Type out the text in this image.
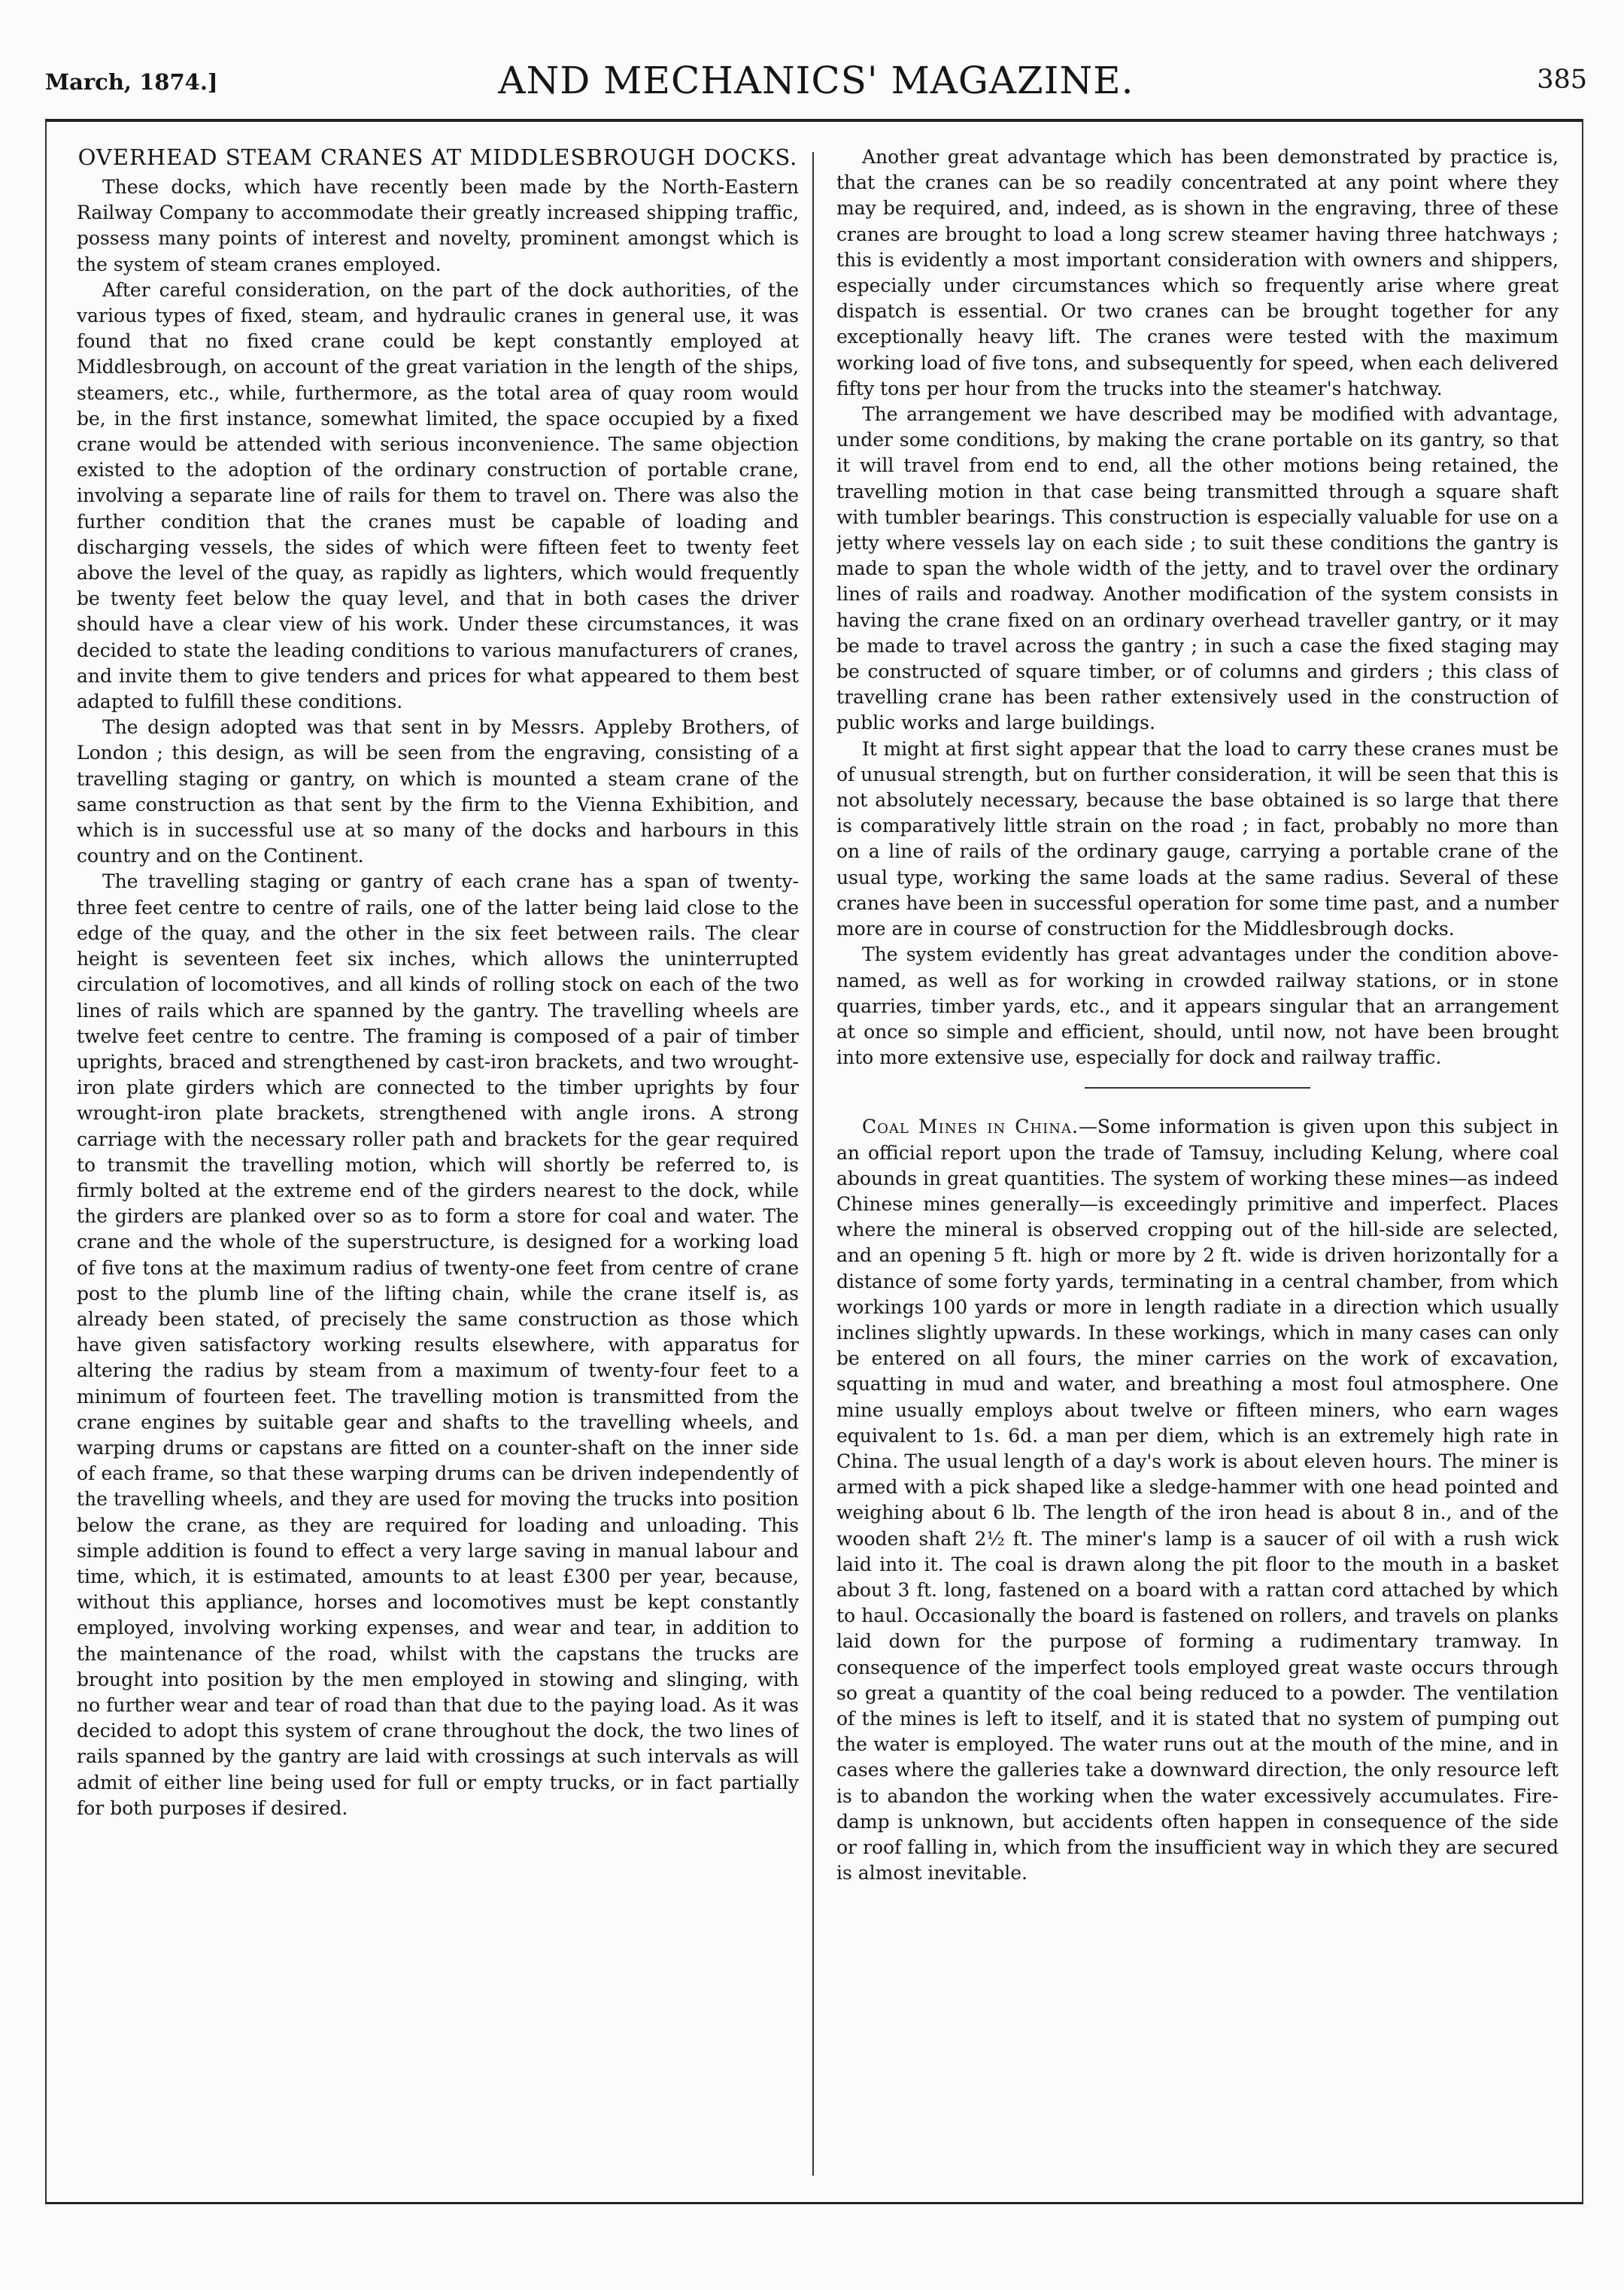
March, 1874.]	AND MECHANICS' MAGAZINE.	385
OVERHEAD STEAM CRANES AT MIDDLESBROUGH DOCKS.

These docks, which have recently been made by the North-Eastern Railway Company to accommodate their greatly increased shipping traffic, possess many points of interest and novelty, prominent amongst which is the system of steam cranes employed.

After careful consideration, on the part of the dock authorities, of the various types of fixed, steam, and hydraulic cranes in general use, it was found that no fixed crane could be kept constantly employed at Middlesbrough, on account of the great variation in the length of the ships, steamers, etc., while, furthermore, as the total area of quay room would be, in the first instance, somewhat limited, the space occupied by a fixed crane would be attended with serious inconvenience. The same objection existed to the adoption of the ordinary construction of portable crane, involving a separate line of rails for them to travel on. There was also the further condition that the cranes must be capable of loading and discharging vessels, the sides of which were fifteen feet to twenty feet above the level of the quay, as rapidly as lighters, which would frequently be twenty feet below the quay level, and that in both cases the driver should have a clear view of his work. Under these circumstances, it was decided to state the leading conditions to various manufacturers of cranes, and invite them to give tenders and prices for what appeared to them best adapted to fulfill these conditions.

The design adopted was that sent in by Messrs. Appleby Brothers, of London ; this design, as will be seen from the engraving, consisting of a travelling staging or gantry, on which is mounted a steam crane of the same construction as that sent by the firm to the Vienna Exhibition, and which is in successful use at so many of the docks and harbours in this country and on the Continent.

The travelling staging or gantry of each crane has a span of twenty-three feet centre to centre of rails, one of the latter being laid close to the edge of the quay, and the other in the six feet between rails. The clear height is seventeen feet six inches, which allows the uninterrupted circulation of locomotives, and all kinds of rolling stock on each of the two lines of rails which are spanned by the gantry. The travelling wheels are twelve feet centre to centre. The framing is composed of a pair of timber uprights, braced and strengthened by cast-iron brackets, and two wrought-iron plate girders which are connected to the timber uprights by four wrought-iron plate brackets, strengthened with angle irons. A strong carriage with the necessary roller path and brackets for the gear required to transmit the travelling motion, which will shortly be referred to, is firmly bolted at the extreme end of the girders nearest to the dock, while the girders are planked over so as to form a store for coal and water. The crane and the whole of the superstructure, is designed for a working load of five tons at the maximum radius of twenty-one feet from centre of crane post to the plumb line of the lifting chain, while the crane itself is, as already been stated, of precisely the same construction as those which have given satisfactory working results elsewhere, with apparatus for altering the radius by steam from a maximum of twenty-four feet to a minimum of fourteen feet. The travelling motion is transmitted from the crane engines by suitable gear and shafts to the travelling wheels, and warping drums or capstans are fitted on a counter-shaft on the inner side of each frame, so that these warping drums can be driven independently of the travelling wheels, and they are used for moving the trucks into position below the crane, as they are required for loading and unloading. This simple addition is found to effect a very large saving in manual labour and time, which, it is estimated, amounts to at least £300 per year, because, without this appliance, horses and locomotives must be kept constantly employed, involving working expenses, and wear and tear, in addition to the maintenance of the road, whilst with the capstans the trucks are brought into position by the men employed in stowing and slinging, with no further wear and tear of road than that due to the paying load. As it was decided to adopt this system of crane throughout the dock, the two lines of rails spanned by the gantry are laid with crossings at such intervals as will admit of either line being used for full or empty trucks, or in fact partially for both purposes if desired.

Another great advantage which has been demonstrated by practice is, that the cranes can be so readily concentrated at any point where they may be required, and, indeed, as is shown in the engraving, three of these cranes are brought to load a long screw steamer having three hatchways ; this is evidently a most important consideration with owners and shippers, especially under circumstances which so frequently arise where great dispatch is essential. Or two cranes can be brought together for any exceptionally heavy lift. The cranes were tested with the maximum working load of five tons, and subsequently for speed, when each delivered fifty tons per hour from the trucks into the steamer's hatchway.

The arrangement we have described may be modified with advantage, under some conditions, by making the crane portable on its gantry, so that it will travel from end to end, all the other motions being retained, the travelling motion in that case being transmitted through a square shaft with tumbler bearings. This construction is especially valuable for use on a jetty where vessels lay on each side ; to suit these conditions the gantry is made to span the whole width of the jetty, and to travel over the ordinary lines of rails and roadway. Another modification of the system consists in having the crane fixed on an ordinary overhead traveller gantry, or it may be made to travel across the gantry ; in such a case the fixed staging may be constructed of square timber, or of columns and girders ; this class of travelling crane has been rather extensively used in the construction of public works and large buildings.

It might at first sight appear that the load to carry these cranes must be of unusual strength, but on further consideration, it will be seen that this is not absolutely necessary, because the base obtained is so large that there is comparatively little strain on the road ; in fact, probably no more than on a line of rails of the ordinary gauge, carrying a portable crane of the usual type, working the same loads at the same radius. Several of these cranes have been in successful operation for some time past, and a number more are in course of construction for the Middlesbrough docks.

The system evidently has great advantages under the condition above-named, as well as for working in crowded railway stations, or in stone quarries, timber yards, etc., and it appears singular that an arrangement at once so simple and efficient, should, until now, not have been brought into more extensive use, especially for dock and railway traffic.

Coal Mines in China.—Some information is given upon this subject in an official report upon the trade of Tamsuy, including Kelung, where coal abounds in great quantities. The system of working these mines—as indeed Chinese mines generally—is exceedingly primitive and imperfect. Places where the mineral is observed cropping out of the hill-side are selected, and an opening 5 ft. high or more by 2 ft. wide is driven horizontally for a distance of some forty yards, terminating in a central chamber, from which workings 100 yards or more in length radiate in a direction which usually inclines slightly upwards. In these workings, which in many cases can only be entered on all fours, the miner carries on the work of excavation, squatting in mud and water, and breathing a most foul atmosphere. One mine usually employs about twelve or fifteen miners, who earn wages equivalent to 1s. 6d. a man per diem, which is an extremely high rate in China. The usual length of a day's work is about eleven hours. The miner is armed with a pick shaped like a sledge-hammer with one head pointed and weighing about 6 lb. The length of the iron head is about 8 in., and of the wooden shaft 2½ ft. The miner's lamp is a saucer of oil with a rush wick laid into it. The coal is drawn along the pit floor to the mouth in a basket about 3 ft. long, fastened on a board with a rattan cord attached by which to haul. Occasionally the board is fastened on rollers, and travels on planks laid down for the purpose of forming a rudimentary tramway. In consequence of the imperfect tools employed great waste occurs through so great a quantity of the coal being reduced to a powder. The ventilation of the mines is left to itself, and it is stated that no system of pumping out the water is employed. The water runs out at the mouth of the mine, and in cases where the galleries take a downward direction, the only resource left is to abandon the working when the water excessively accumulates. Fire-damp is unknown, but accidents often happen in consequence of the side or roof falling in, which from the insufficient way in which they are secured is almost inevitable.
